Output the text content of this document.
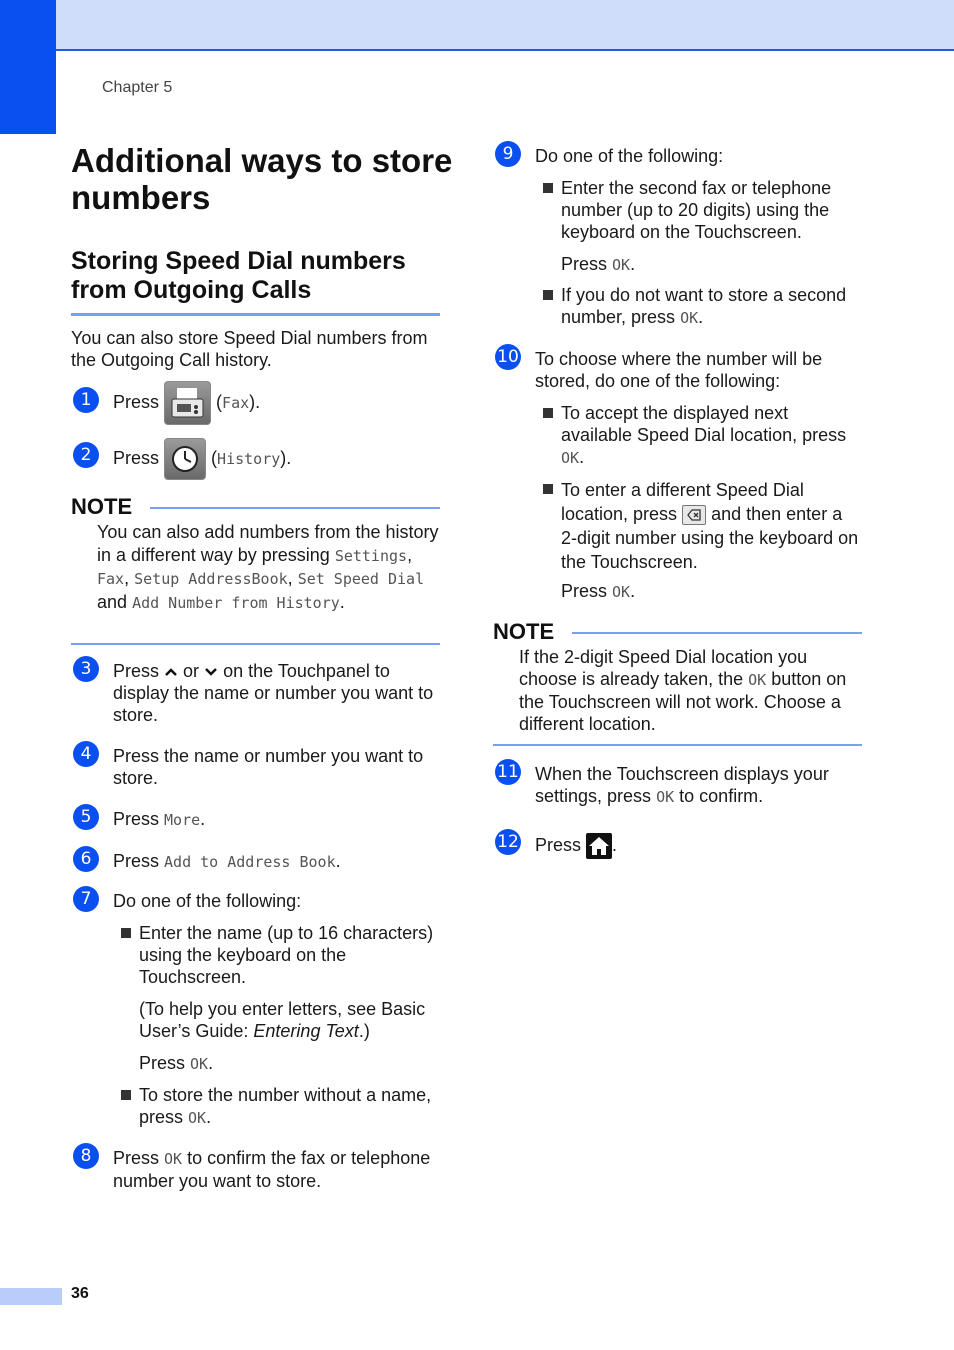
Chapter 5
Additional ways to store numbers
Storing Speed Dial numbers from Outgoing Calls
You can also store Speed Dial numbers from the Outgoing Call history.
1	Press	(Fax).
2	Press	(History).
NOTE
You can also add numbers from the history in a different way by pressing Settings, Fax, Setup AddressBook, Set Speed Dial and Add Number from History.
3	Press or on the Touchpanel to display the name or number you want to store.
4	Press the name or number you want to store.
5	Press More.
6	Press Add to Address Book.
7	Do one of the following:
Enter the name (up to 16 characters) using the keyboard on the Touchscreen.
(To help you enter letters, see Basic User’s Guide: Entering Text.)
Press OK.
To store the number without a name, press OK.
8	Press OK to confirm the fax or telephone number you want to store.
9	Do one of the following:
Enter the second fax or telephone number (up to 20 digits) using the keyboard on the Touchscreen.
Press OK.
If you do not want to store a second number, press OK.
10 To choose where the number will be stored, do one of the following:
To accept the displayed next available Speed Dial location, press OK.
To enter a different Speed Dial location, press and then enter a 2-digit number using the keyboard on the Touchscreen.
Press OK.
NOTE
If the 2-digit Speed Dial location you choose is already taken, the OK button on the Touchscreen will not work. Choose a different location.
11 When the Touchscreen displays your settings, press OK to confirm.
12 Press .
36
